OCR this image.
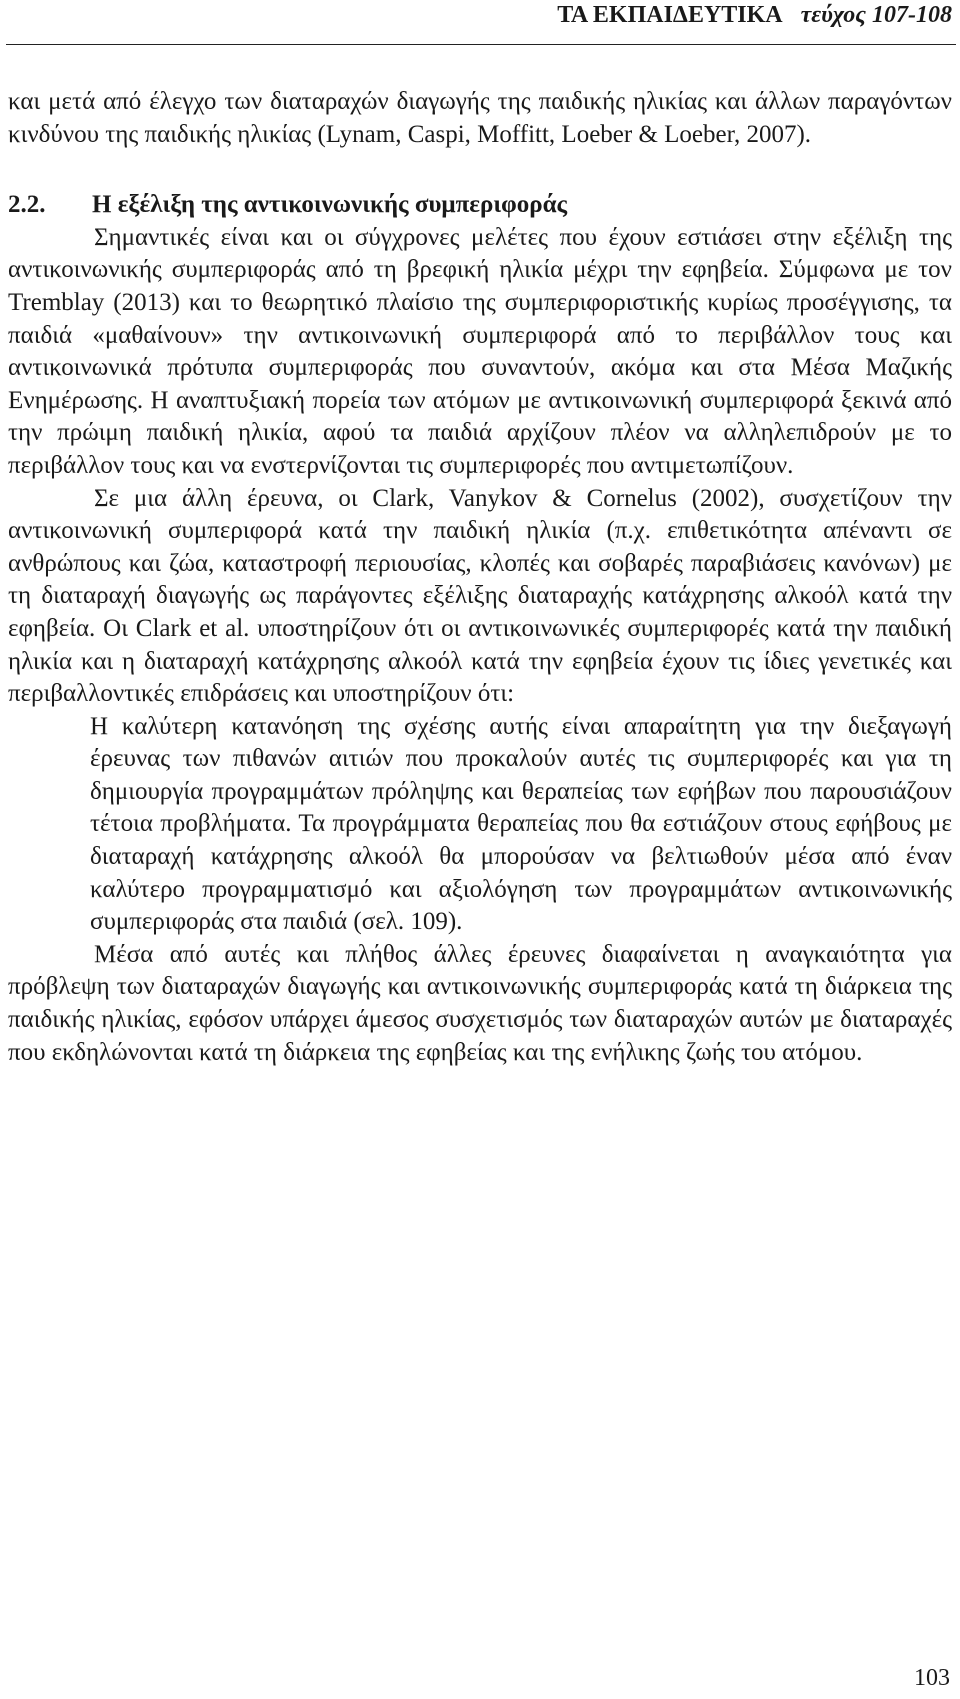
ΤΑ ΕΚΠΑΙΔΕΥΤΙΚΑ τεύχος 107-108

και μετά από έλεγχο των διαταραχών διαγωγής της παιδικής ηλικίας και άλλων παραγόντων κινδύνου της παιδικής ηλικίας (Lynam, Caspi, Moffitt, Loeber & Loeber, 2007).

2.2. Η εξέλιξη της αντικοινωνικής συμπεριφοράς

Σημαντικές είναι και οι σύγχρονες μελέτες που έχουν εστιάσει στην εξέλιξη της αντικοινωνικής συμπεριφοράς από τη βρεφική ηλικία μέχρι την εφηβεία. Σύμφωνα με τον Tremblay (2013) και το θεωρητικό πλαίσιο της συμπεριφοριστικής κυρίως προσέγγισης, τα παιδιά «μαθαίνουν» την αντικοινωνική συμπεριφορά από το περιβάλλον τους και αντικοινωνικά πρότυπα συμπεριφοράς που συναντούν, ακόμα και στα Μέσα Μαζικής Ενημέρωσης. Η αναπτυξιακή πορεία των ατόμων με αντικοινωνική συμπεριφορά ξεκινά από την πρώιμη παιδική ηλικία, αφού τα παιδιά αρχίζουν πλέον να αλληλεπιδρούν με το περιβάλλον τους και να ενστερνίζονται τις συμπεριφορές που αντιμετωπίζουν.

Σε μια άλλη έρευνα, οι Clark, Vanykov & Cornelus (2002), συσχετίζουν την αντικοινωνική συμπεριφορά κατά την παιδική ηλικία (π.χ. επιθετικότητα απέναντι σε ανθρώπους και ζώα, καταστροφή περιουσίας, κλοπές και σοβαρές παραβιάσεις κανόνων) με τη διαταραχή διαγωγής ως παράγοντες εξέλιξης διαταραχής κατάχρησης αλκοόλ κατά την εφηβεία. Οι Clark et al. υποστηρίζουν ότι οι αντικοινωνικές συμπεριφορές κατά την παιδική ηλικία και η διαταραχή κατάχρησης αλκοόλ κατά την εφηβεία έχουν τις ίδιες γενετικές και περιβαλλοντικές επιδράσεις και υποστηρίζουν ότι:

Η καλύτερη κατανόηση της σχέσης αυτής είναι απαραίτητη για την διεξαγωγή έρευνας των πιθανών αιτιών που προκαλούν αυτές τις συμπεριφορές και για τη δημιουργία προγραμμάτων πρόληψης και θεραπείας των εφήβων που παρουσιάζουν τέτοια προβλήματα. Τα προγράμματα θεραπείας που θα εστιάζουν στους εφήβους με διαταραχή κατάχρησης αλκοόλ θα μπορούσαν να βελτιωθούν μέσα από έναν καλύτερο προγραμματισμό και αξιολόγηση των προγραμμάτων αντικοινωνικής συμπεριφοράς στα παιδιά (σελ. 109).

Μέσα από αυτές και πλήθος άλλες έρευνες διαφαίνεται η αναγκαιότητα για πρόβλεψη των διαταραχών διαγωγής και αντικοινωνικής συμπεριφοράς κατά τη διάρκεια της παιδικής ηλικίας, εφόσον υπάρχει άμεσος συσχετισμός των διαταραχών αυτών με διαταραχές που εκδηλώνονται κατά τη διάρκεια της εφηβείας και της ενήλικης ζωής του ατόμου.

103
